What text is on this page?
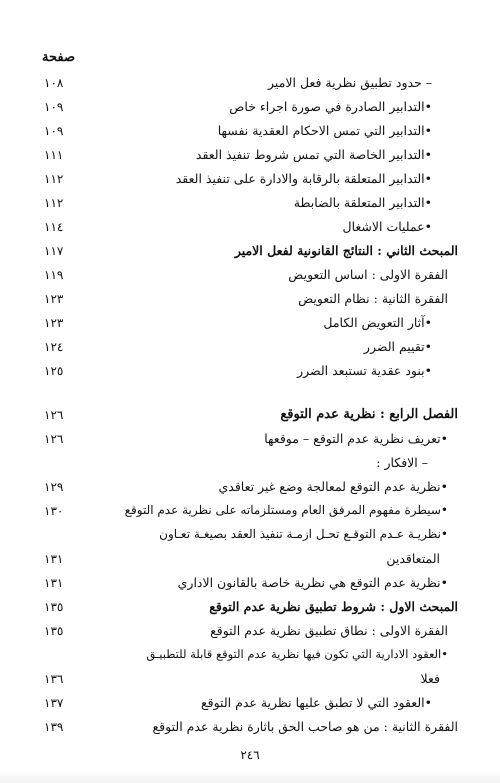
صفحة
١٠٨	– حدود تطبيق نظرية فعل الامير
١٠٩	•التدابير الصادرة في صورة اجراء خاص
١٠٩	•التدابير التي تمس الاحكام العقدية نفسها
١١١	•التدابير الخاصة التي تمس شروط تنفيذ العقد
١١٢	•التدابير المتعلقة بالرقابة والادارة على تنفيذ العقد
١١٢	•التدابير المتعلقة بالضابطة
١١٤	•عمليات الاشغال
١١٧	المبحث الثاني : النتائج القانونية لفعل الامير
١١٩	الفقرة الاولى : اساس التعويض
١٢٣	الفقرة الثانية : نظام التعويض
١٢٣	•آثار التعويض الكامل
١٢٤	•تقييم الضرر
١٢٥	•بنود عقدية تستبعد الضرر
١٢٦	الفصل الرابع : نظرية عدم التوقع
١٢٦	•تعريف نظرية عدم التوقع – موقعها
– الافكار :
١٢٩	•نظرية عدم التوقع لمعالجة وضع غير تعاقدي
١٣٠	•سيطرة مفهوم المرفق العام ومستلزماته على نظرية عدم التوقع
•نظريـة عـدم التوقـع تحـل ازمـة تنفيذ العقد بصيغـة تعـاون
١٣١	المتعاقدين
١٣١	•نظرية عدم التوقع هي نظرية خاصة بالقانون الاداري
١٣٥	المبحث الاول : شروط تطبيق نظرية عدم التوقع
١٣٥	الفقرة الاولى : نطاق تطبيق نظرية عدم التوقع
•العقود الادارية التي تكون فيها نظرية عدم التوقع قابلة للتطبيـق
١٣٦	فعلا
١٣٧	•العقود التي لا تطبق عليها نظرية عدم التوقع
١٣٩	الفقرة الثانية : من هو صاحب الحق باثارة نظرية عدم التوقع
٢٤٦
